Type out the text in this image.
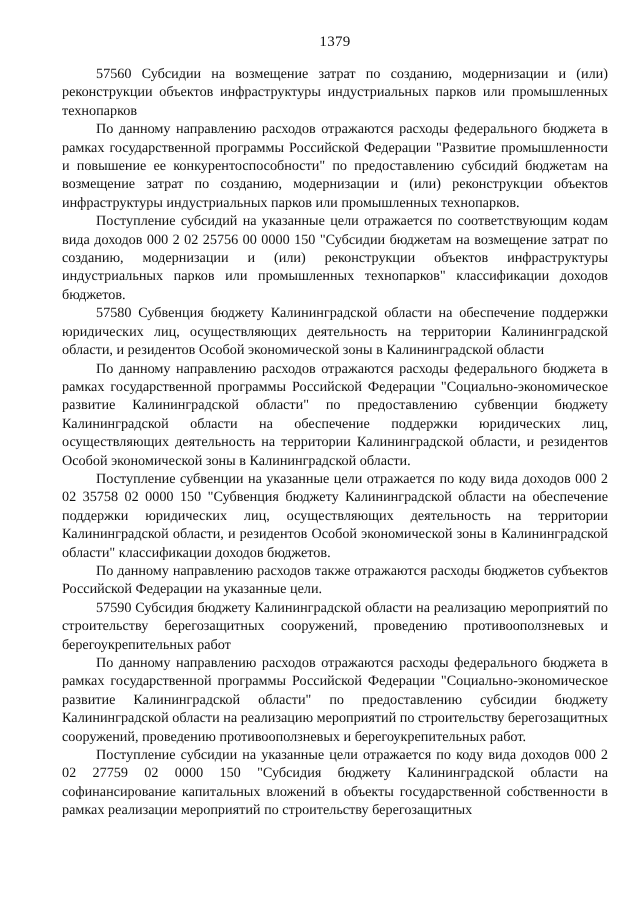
1379

57560 Субсидии на возмещение затрат по созданию, модернизации и (или) реконструкции объектов инфраструктуры индустриальных парков или промышленных технопарков

По данному направлению расходов отражаются расходы федерального бюджета в рамках государственной программы Российской Федерации "Развитие промышленности и повышение ее конкурентоспособности" по предоставлению субсидий бюджетам на возмещение затрат по созданию, модернизации и (или) реконструкции объектов инфраструктуры индустриальных парков или промышленных технопарков.

Поступление субсидий на указанные цели отражается по соответствующим кодам вида доходов 000 2 02 25756 00 0000 150 "Субсидии бюджетам на возмещение затрат по созданию, модернизации и (или) реконструкции объектов инфраструктуры индустриальных парков или промышленных технопарков" классификации доходов бюджетов.

57580 Субвенция бюджету Калининградской области на обеспечение поддержки юридических лиц, осуществляющих деятельность на территории Калининградской области, и резидентов Особой экономической зоны в Калининградской области

По данному направлению расходов отражаются расходы федерального бюджета в рамках государственной программы Российской Федерации "Социально-экономическое развитие Калининградской области" по предоставлению субвенции бюджету Калининградской области на обеспечение поддержки юридических лиц, осуществляющих деятельность на территории Калининградской области, и резидентов Особой экономической зоны в Калининградской области.

Поступление субвенции на указанные цели отражается по коду вида доходов 000 2 02 35758 02 0000 150 "Субвенция бюджету Калининградской области на обеспечение поддержки юридических лиц, осуществляющих деятельность на территории Калининградской области, и резидентов Особой экономической зоны в Калининградской области" классификации доходов бюджетов.

По данному направлению расходов также отражаются расходы бюджетов субъектов Российской Федерации на указанные цели.

57590 Субсидия бюджету Калининградской области на реализацию мероприятий по строительству берегозащитных сооружений, проведению противооползневых и берегоукрепительных работ

По данному направлению расходов отражаются расходы федерального бюджета в рамках государственной программы Российской Федерации "Социально-экономическое развитие Калининградской области" по предоставлению субсидии бюджету Калининградской области на реализацию мероприятий по строительству берегозащитных сооружений, проведению противооползневых и берегоукрепительных работ.

Поступление субсидии на указанные цели отражается по коду вида доходов 000 2 02 27759 02 0000 150 "Субсидия бюджету Калининградской области на софинансирование капитальных вложений в объекты государственной собственности в рамках реализации мероприятий по строительству берегозащитных
